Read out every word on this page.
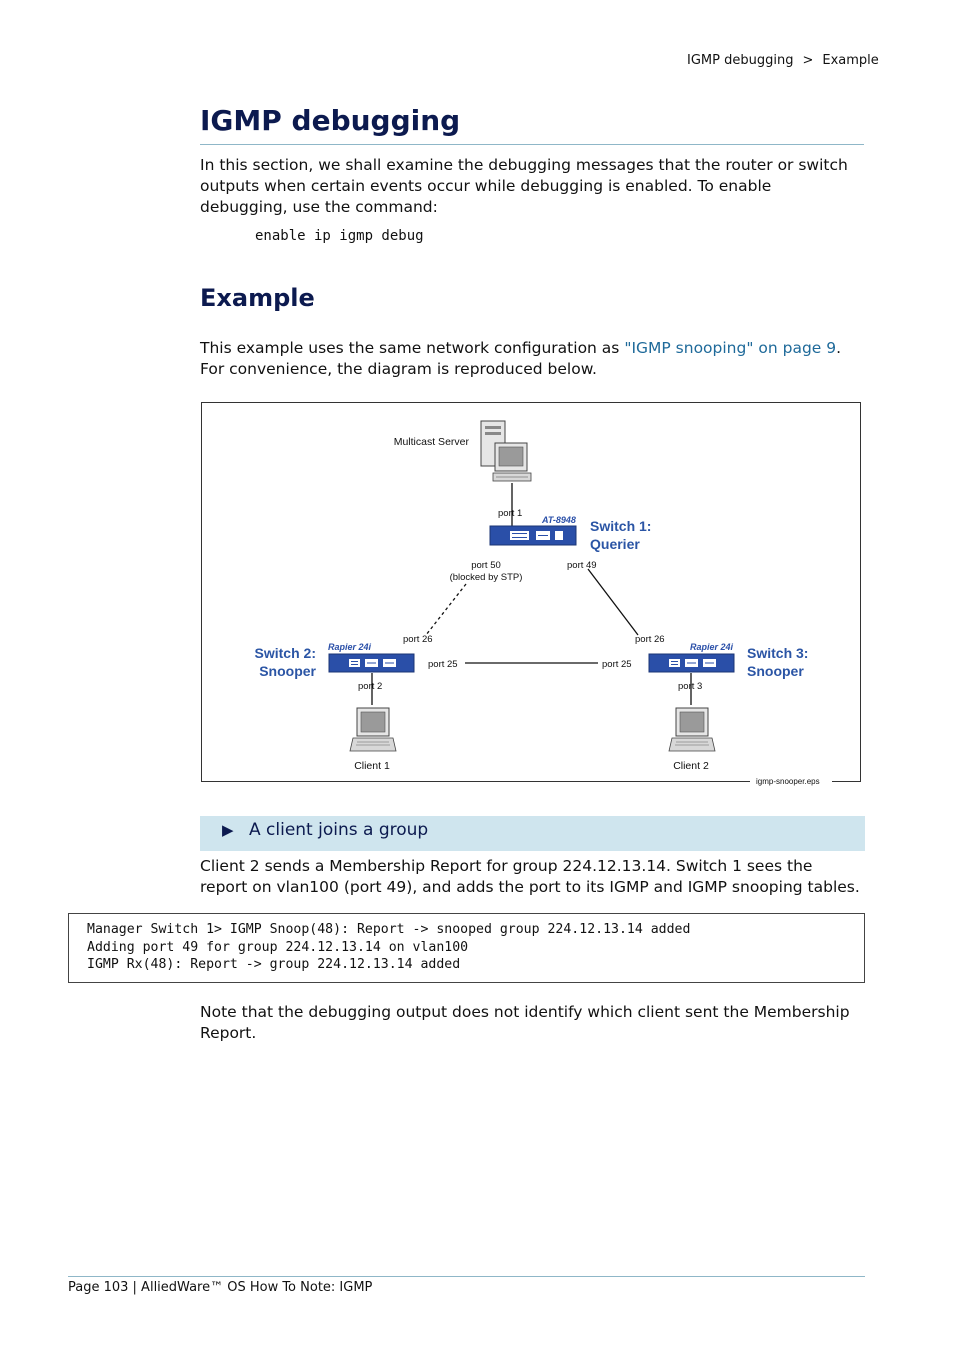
IGMP debugging > Example
IGMP debugging

In this section, we shall examine the debugging messages that the router or switch outputs when certain events occur while debugging is enabled. To enable debugging, use the command:

enable ip igmp debug
Example

This example uses the same network configuration as "IGMP snooping" on page 9. For convenience, the diagram is reproduced below.

Multicast Server
port 1
AT-8948 Switch 1:
Querier
port 50
(blocked by STP)
port 49
Rapier 24i
port 26
port 25
port 2
Switch 2:
Snooper
Rapier 24i
port 26
port 25
port 3
Switch 3:
Snooper
Client 1	Client 2
igmp-snooper.eps
▶ A client joins a group

Client 2 sends a Membership Report for group 224.12.13.14. Switch 1 sees the report on vlan100 (port 49), and adds the port to its IGMP and IGMP snooping tables.

Manager Switch 1> IGMP Snoop(48): Report -> snooped group 224.12.13.14 added
Adding port 49 for group 224.12.13.14 on vlan100
IGMP Rx(48): Report -> group 224.12.13.14 added

Note that the debugging output does not identify which client sent the Membership Report.

Page 103 | AlliedWare™ OS How To Note: IGMP
